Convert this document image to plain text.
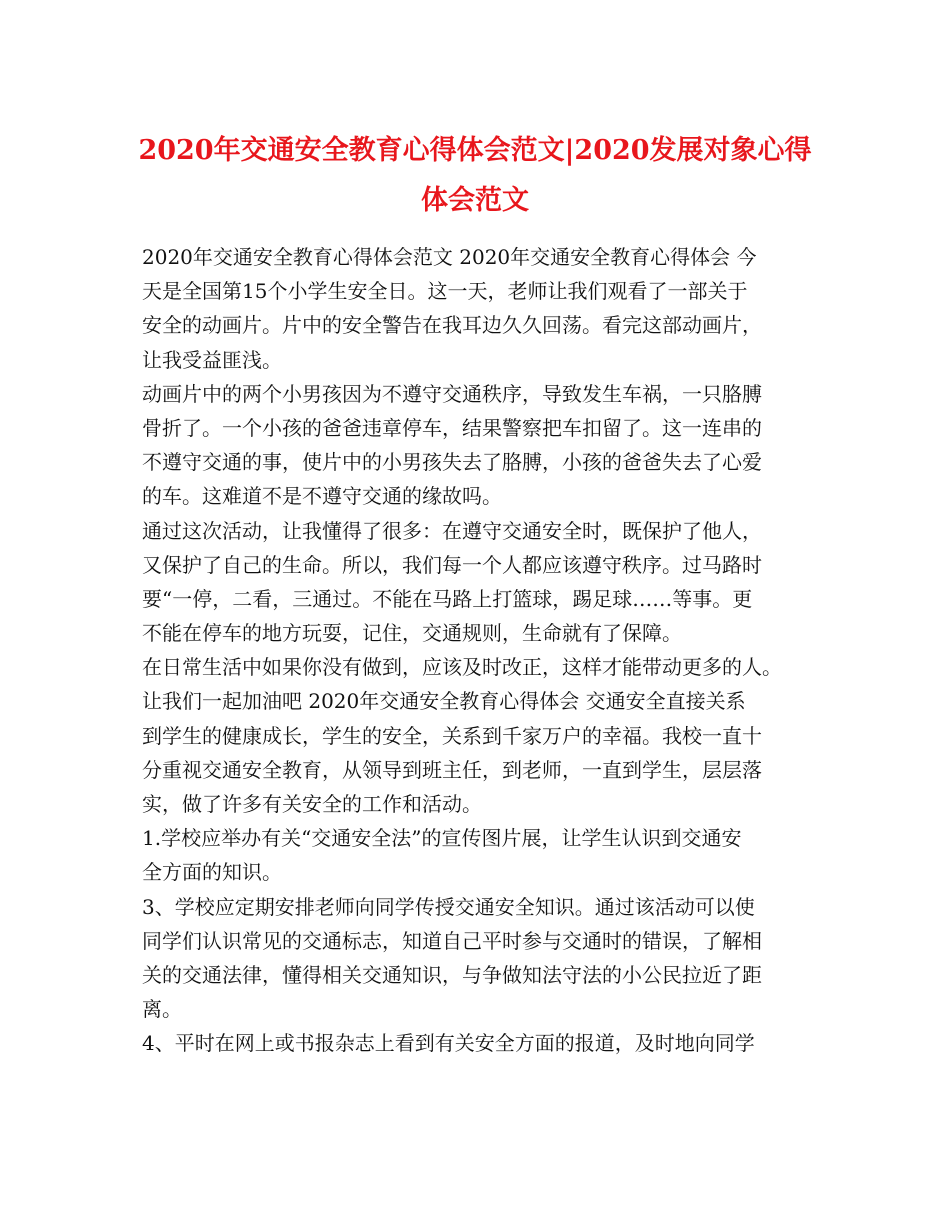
2020年交通安全教育心得体会范文|2020发展对象心得
体会范文
2020年交通安全教育心得体会范文 2020年交通安全教育心得体会 今
天是全国第15个小学生安全日。这一天，老师让我们观看了一部关于
安全的动画片。片中的安全警告在我耳边久久回荡。看完这部动画片，
让我受益匪浅。
动画片中的两个小男孩因为不遵守交通秩序，导致发生车祸，一只胳膊
骨折了。一个小孩的爸爸违章停车，结果警察把车扣留了。这一连串的
不遵守交通的事，使片中的小男孩失去了胳膊，小孩的爸爸失去了心爱
的车。这难道不是不遵守交通的缘故吗。
通过这次活动，让我懂得了很多：在遵守交通安全时，既保护了他人，
又保护了自己的生命。所以，我们每一个人都应该遵守秩序。过马路时
要“一停，二看，三通过。不能在马路上打篮球，踢足球……等事。更
不能在停车的地方玩耍，记住，交通规则，生命就有了保障。
在日常生活中如果你没有做到，应该及时改正，这样才能带动更多的人。
让我们一起加油吧 2020年交通安全教育心得体会 交通安全直接关系
到学生的健康成长，学生的安全，关系到千家万户的幸福。我校一直十
分重视交通安全教育，从领导到班主任，到老师，一直到学生，层层落
实，做了许多有关安全的工作和活动。
1.学校应举办有关“交通安全法”的宣传图片展，让学生认识到交通安
全方面的知识。
3、学校应定期安排老师向同学传授交通安全知识。通过该活动可以使
同学们认识常见的交通标志，知道自己平时参与交通时的错误，了解相
关的交通法律，懂得相关交通知识，与争做知法守法的小公民拉近了距
离。
4、平时在网上或书报杂志上看到有关安全方面的报道，及时地向同学
